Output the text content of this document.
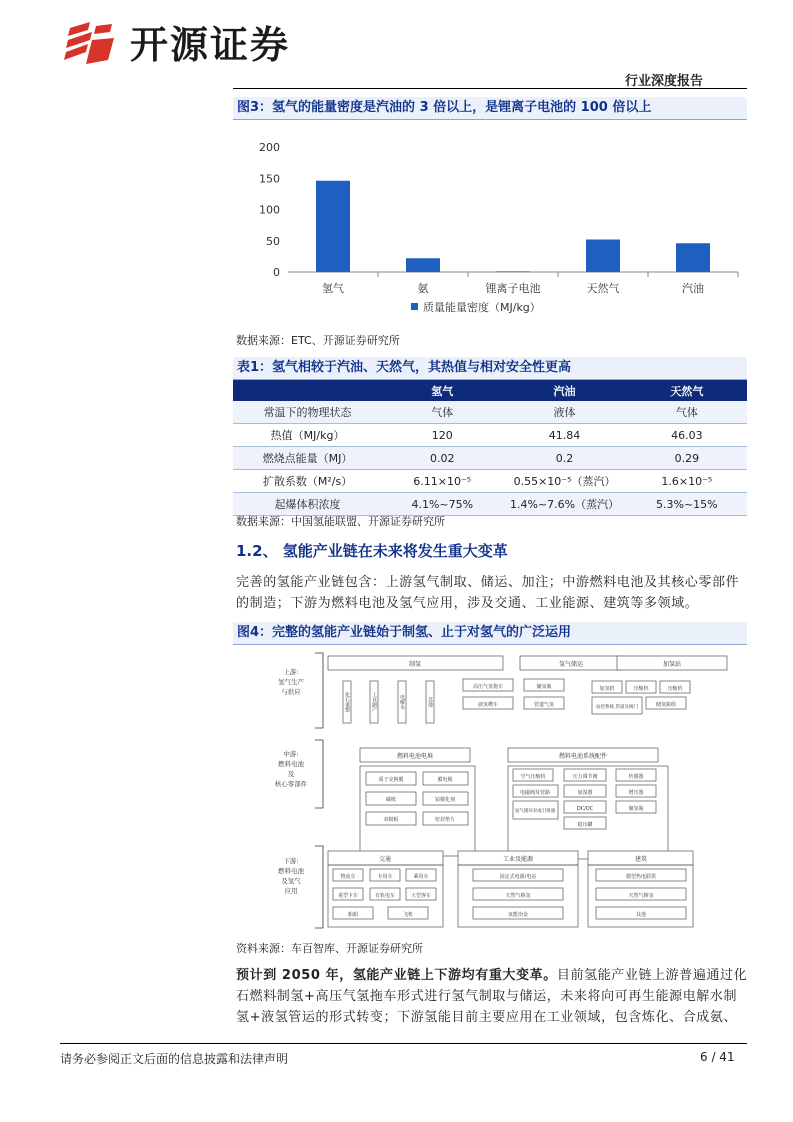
开源证券
行业深度报告
图3：氢气的能量密度是汽油的 3 倍以上，是锂离子电池的 100 倍以上
0
50
100
150
200
氢气	氨	锂离子电池	天然气	汽油
质量能量密度（MJ/kg）
数据来源：ETC、开源证券研究所
表1：氢气相较于汽油、天然气，其热值与相对安全性更高
	氢气	汽油	天然气
常温下的物理状态	气体	液体	气体
热值（MJ/kg）	120	41.84	46.03
燃烧点能量（MJ）	0.02	0.2	0.29
扩散系数（M²/s）	6.11×10⁻⁵	0.55×10⁻⁵（蒸汽）	1.6×10⁻⁵
起爆体积浓度	4.1%~75%	1.4%~7.6%（蒸汽）	5.3%~15%
数据来源：中国氢能联盟、开源证券研究所
1.2、 氢能产业链在未来将发生重大变革
完善的氢能产业链包含：上游氢气制取、储运、加注；中游燃料电池及其核心零部件
的制造；下游为燃料电池及氢气应用，涉及交通、工业能源、建筑等多领域。
图4：完整的氢能产业链始于制氢、止于对氢气的广泛运用
上游:
氢气生产
与供应
中游:
燃料电池
及
核心零部件
下游:
燃料电池
及氢气
应用
制氢	氢气储运	加氢站
化石重整	工业副产	电解水	其他
高压气氢拖车	储氢瓶
液氢槽车	管道气氢
加氢机	压缩机	压缩机
站控系统,管道及阀门	储氢瓶组
燃料电池电堆
质子交换膜	膜电极
碳纸	铂催化剂
双极板	密封垫片
燃料电池系统配件
空气压缩机	压力调节阀	传感器
电磁阀及管路	加湿器	增压器
氢气循环泵或引射器	DC/DC	储氢瓶
稳压罐
交通
物流车	专用车	乘用车
重型卡车	有轨电车	大型客车
船舶	飞机
工业及能源
固定式电源/电站
天然气掺氢
氢能冶金
建筑
微型热电联供
天然气掺氢
其他
资料来源：车百智库、开源证券研究所
预计到 2050 年，氢能产业链上下游均有重大变革。目前氢能产业链上游普遍通过化
石燃料制氢+高压气氢拖车形式进行氢气制取与储运，未来将向可再生能源电解水制
氢+液氢管运的形式转变；下游氢能目前主要应用在工业领域，包含炼化、合成氨、
请务必参阅正文后面的信息披露和法律声明	6 / 41
